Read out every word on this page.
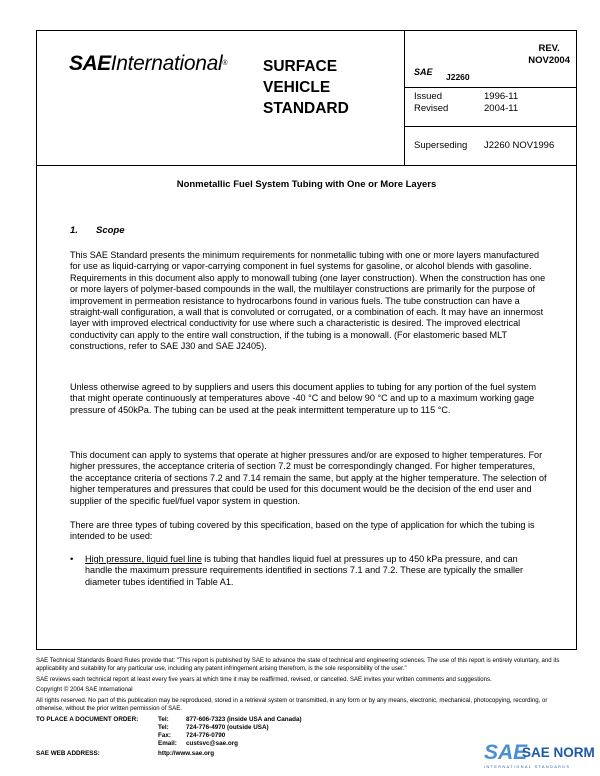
SAEInternational® SURFACE
VEHICLE
STANDARD
REV.
NOV2004
SAE J2260
Issued	1996-11
Revised	2004-11
Superseding J2260 NOV1996
Nonmetallic Fuel System Tubing with One or More Layers
1. Scope
This SAE Standard presents the minimum requirements for nonmetallic tubing with one or more layers manufactured for use as liquid-carrying or vapor-carrying component in fuel systems for gasoline, or alcohol blends with gasoline. Requirements in this document also apply to monowall tubing (one layer construction). When the construction has one or more layers of polymer-based compounds in the wall, the multilayer constructions are primarily for the purpose of improvement in permeation resistance to hydrocarbons found in various fuels. The tube construction can have a straight-wall configuration, a wall that is convoluted or corrugated, or a combination of each. It may have an innermost layer with improved electrical conductivity for use where such a characteristic is desired. The improved electrical conductivity can apply to the entire wall construction, if the tubing is a monowall. (For elastomeric based MLT constructions, refer to SAE J30 and SAE J2405).
Unless otherwise agreed to by suppliers and users this document applies to tubing for any portion of the fuel system that might operate continuously at temperatures above -40 °C and below 90 °C and up to a maximum working gage pressure of 450kPa. The tubing can be used at the peak intermittent temperature up to 115 °C.
This document can apply to systems that operate at higher pressures and/or are exposed to higher temperatures. For higher pressures, the acceptance criteria of section 7.2 must be correspondingly changed. For higher temperatures, the acceptance criteria of sections 7.2 and 7.14 remain the same, but apply at the higher temperature. The selection of higher temperatures and pressures that could be used for this document would be the decision of the end user and supplier of the specific fuel/fuel vapor system in question.
There are three types of tubing covered by this specification, based on the type of application for which the tubing is intended to be used:
• High pressure, liquid fuel line is tubing that handles liquid fuel at pressures up to 450 kPa pressure, and can handle the maximum pressure requirements identified in sections 7.1 and 7.2. These are typically the smaller diameter tubes identified in Table A1.
SAE Technical Standards Board Rules provide that: "This report is published by SAE to advance the state of technical and engineering sciences. The use of this report is entirely voluntary, and its applicability and suitability for any particular use, including any patent infringement arising therefrom, is the sole responsibility of the user."
SAE reviews each technical report at least every five years at which time it may be reaffirmed, revised, or cancelled. SAE invites your written comments and suggestions.
Copyright © 2004 SAE International
All rights reserved. No part of this publication may be reproduced, stored in a retrieval system or transmitted, in any form or by any means, electronic, mechanical, photocopying, recording, or otherwise, without the prior written permission of SAE.
TO PLACE A DOCUMENT ORDER:	Tel:	877-606-7323 (inside USA and Canada)
Tel:	724-776-4970 (outside USA)
Fax: 724-776-0790
Email: custsvc@sae.org
SAE WEB ADDRESS:	http://www.sae.org	SAE
SAE NORM
INTERNATIONAL STANDARDS
